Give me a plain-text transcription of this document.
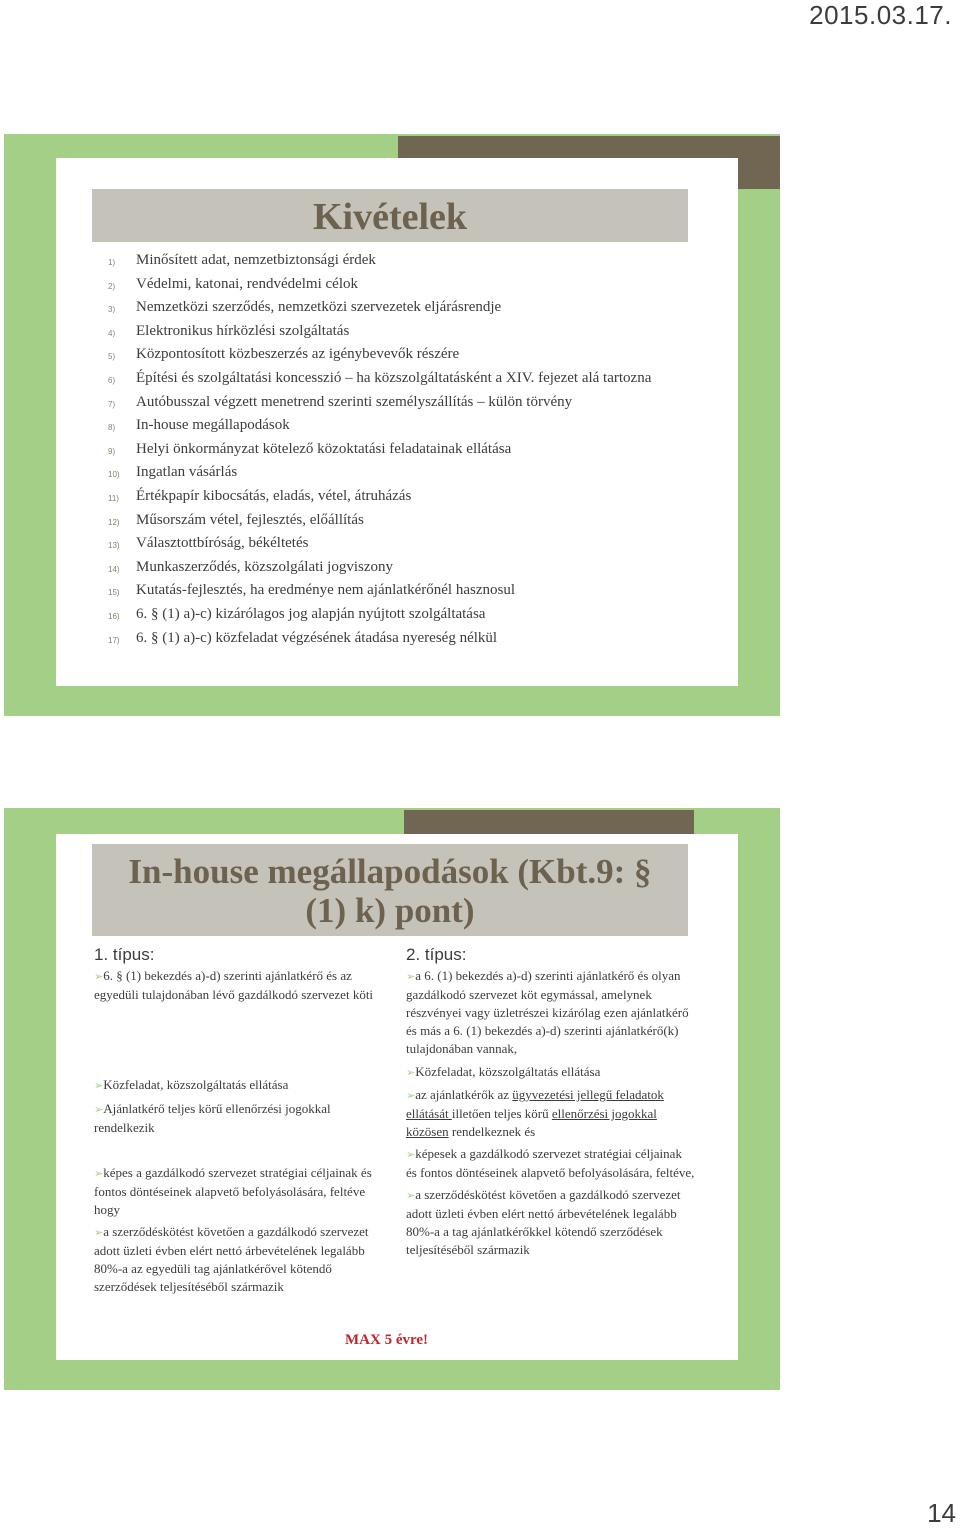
2015.03.17.
Kivételek
1) Minősített adat, nemzetbiztonsági érdek
2) Védelmi, katonai, rendvédelmi célok
3) Nemzetközi szerződés, nemzetközi szervezetek eljárásrendje
4) Elektronikus hírközlési szolgáltatás
5) Központosított közbeszerzés az igénybevevők részére
6) Építési és szolgáltatási koncesszió – ha közszolgáltatásként a XIV. fejezet alá tartozna
7) Autóbusszal végzett menetrend szerinti személyszállítás – külön törvény
8) In-house megállapodások
9) Helyi önkormányzat kötelező közoktatási feladatainak ellátása
10) Ingatlan vásárlás
11) Értékpapír kibocsátás, eladás, vétel, átruházás
12) Műsorszám vétel, fejlesztés, előállítás
13) Választottbíróság, békéltetés
14) Munkaszerződés, közszolgálati jogviszony
15) Kutatás-fejlesztés, ha eredménye nem ajánlatkérőnél hasznosul
16) 6. § (1) a)-c) kizárólagos jog alapján nyújtott szolgáltatása
17) 6. § (1) a)-c) közfeladat végzésének átadása nyereség nélkül
In-house megállapodások (Kbt.9: §
(1) k) pont)
1. típus:

➢6. § (1) bekezdés a)-d) szerinti ajánlatkérő és az egyedüli tulajdonában lévő gazdálkodó szervezet köti

➢Közfeladat, közszolgáltatás ellátása

➢Ajánlatkérő teljes körű ellenőrzési jogokkal rendelkezik

➢képes a gazdálkodó szervezet stratégiai céljainak és fontos döntéseinek alapvető befolyásolására, feltéve hogy

➢a szerződéskötést követően a gazdálkodó szervezet adott üzleti évben elért nettó árbevételének legalább 80%-a az egyedüli tag ajánlatkérővel kötendő szerződések teljesítéséből származik

2. típus:

➢a 6. (1) bekezdés a)-d) szerinti ajánlatkérő és olyan gazdálkodó szervezet köt egymással, amelynek részvényei vagy üzletrészei kizárólag ezen ajánlatkérő és más a 6. (1) bekezdés a)-d) szerinti ajánlatkérő(k) tulajdonában vannak,

➢Közfeladat, közszolgáltatás ellátása

➢az ajánlatkérők az ügyvezetési jellegű feladatok ellátását illetően teljes körű ellenőrzési jogokkal közösen rendelkeznek és

➢képesek a gazdálkodó szervezet stratégiai céljainak és fontos döntéseinek alapvető befolyásolására, feltéve,

➢a szerződéskötést követően a gazdálkodó szervezet adott üzleti évben elért nettó árbevételének legalább 80%-a a tag ajánlatkérőkkel kötendő szerződések teljesítéséből származik

MAX 5 évre!
14
